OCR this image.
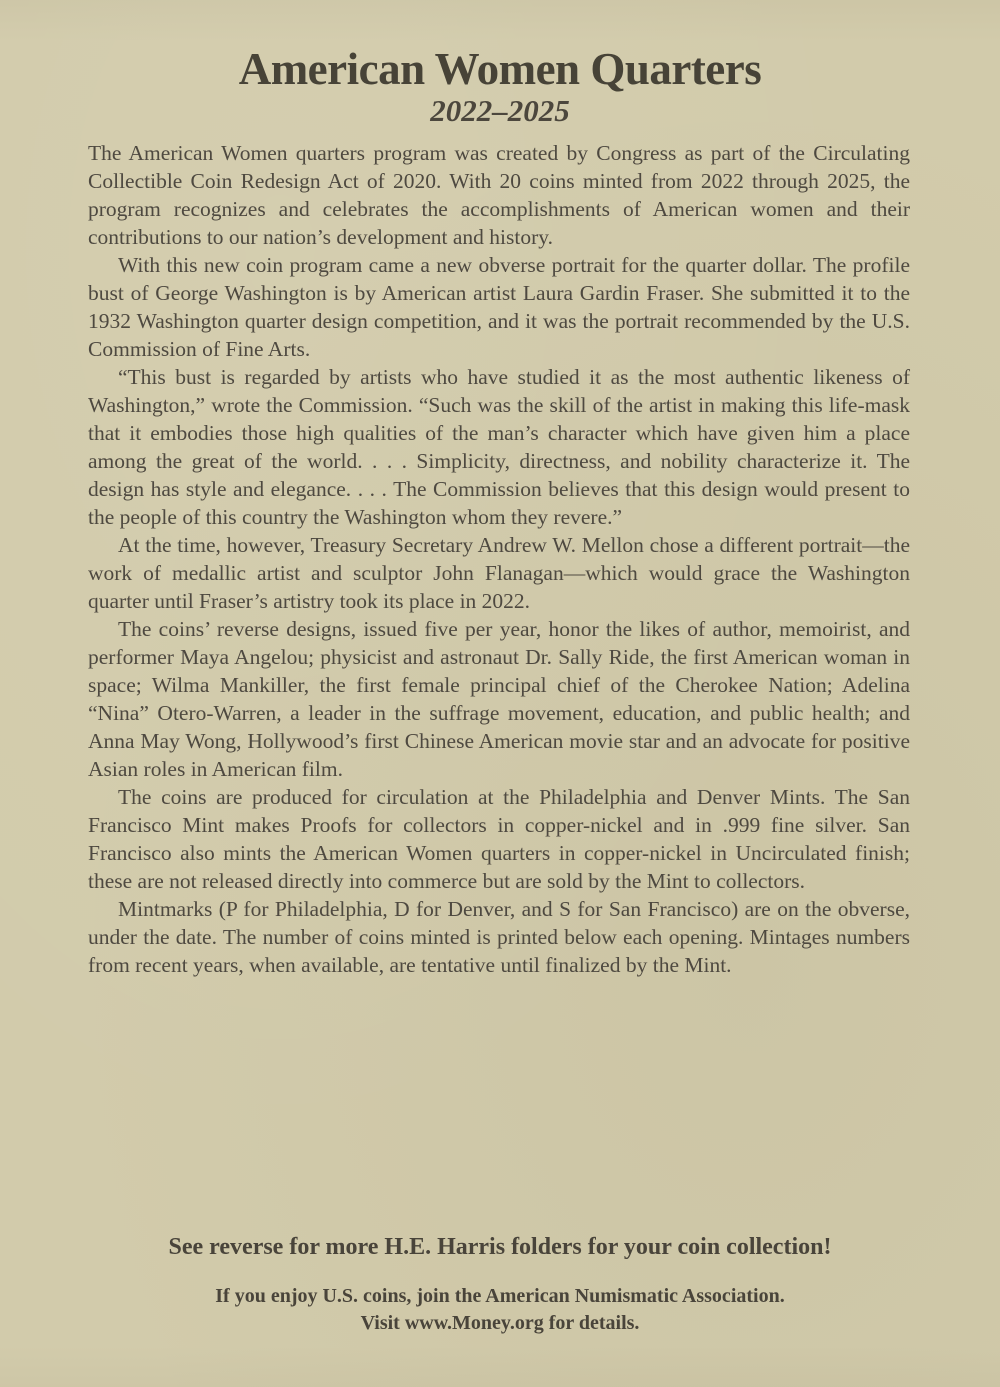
American Women Quarters

2022–2025

The American Women quarters program was created by Congress as part of the Circulating Collectible Coin Redesign Act of 2020. With 20 coins minted from 2022 through 2025, the program recognizes and celebrates the accomplishments of American women and their contributions to our nation’s development and history.

With this new coin program came a new obverse portrait for the quarter dollar. The profile bust of George Washington is by American artist Laura Gardin Fraser. She submitted it to the 1932 Washington quarter design competition, and it was the portrait recommended by the U.S. Commission of Fine Arts.

“This bust is regarded by artists who have studied it as the most authentic likeness of Washington,” wrote the Commission. “Such was the skill of the artist in making this life-mask that it embodies those high qualities of the man’s character which have given him a place among the great of the world. . . . Simplicity, directness, and nobility characterize it. The design has style and elegance. . . . The Commission believes that this design would present to the people of this country the Washington whom they revere.”

At the time, however, Treasury Secretary Andrew W. Mellon chose a different portrait—the work of medallic artist and sculptor John Flanagan—which would grace the Washington quarter until Fraser’s artistry took its place in 2022.

The coins’ reverse designs, issued five per year, honor the likes of author, memoirist, and performer Maya Angelou; physicist and astronaut Dr. Sally Ride, the first American woman in space; Wilma Mankiller, the first female principal chief of the Cherokee Nation; Adelina “Nina” Otero-Warren, a leader in the suffrage movement, education, and public health; and Anna May Wong, Hollywood’s first Chinese American movie star and an advocate for positive Asian roles in American film.

The coins are produced for circulation at the Philadelphia and Denver Mints. The San Francisco Mint makes Proofs for collectors in copper-nickel and in .999 fine silver. San Francisco also mints the American Women quarters in copper-nickel in Uncirculated finish; these are not released directly into commerce but are sold by the Mint to collectors.

Mintmarks (P for Philadelphia, D for Denver, and S for San Francisco) are on the obverse, under the date. The number of coins minted is printed below each opening. Mintages numbers from recent years, when available, are tentative until finalized by the Mint.

See reverse for more H.E. Harris folders for your coin collection!

If you enjoy U.S. coins, join the American Numismatic Association.

Visit www.Money.org for details.
